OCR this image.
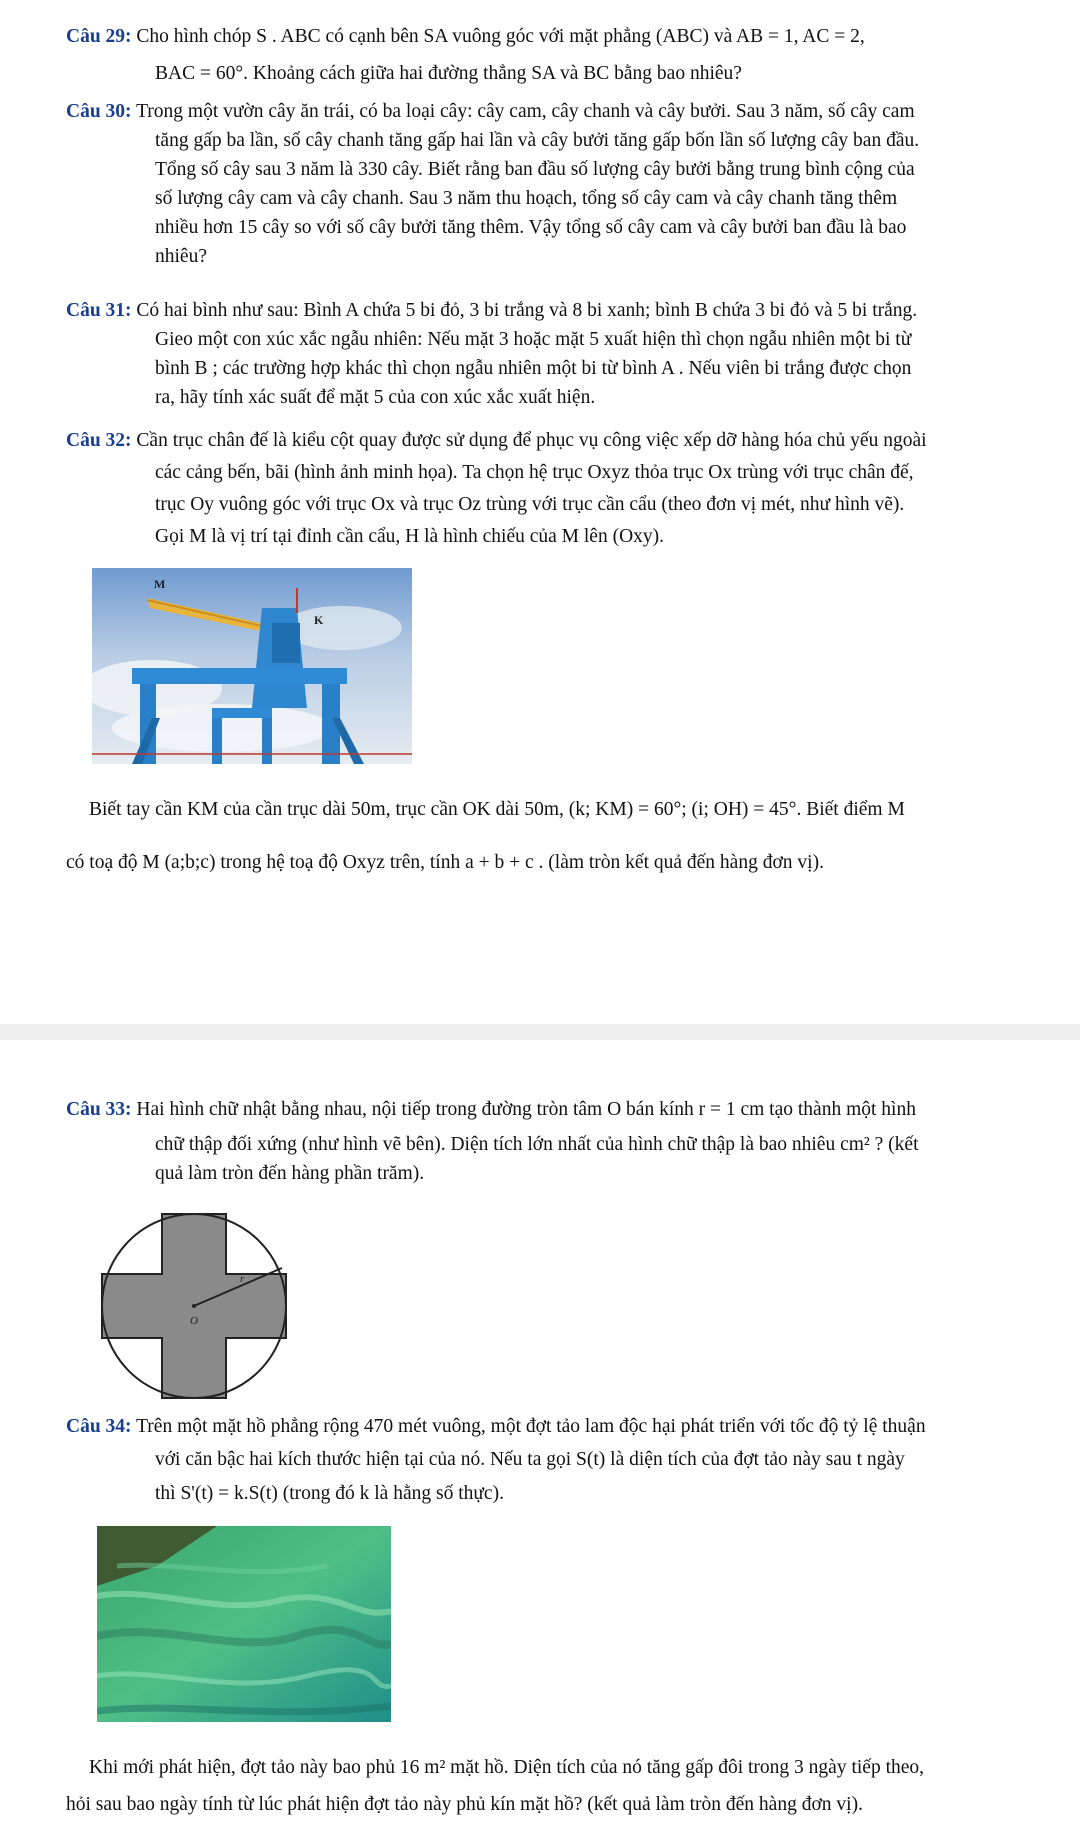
Câu 29: Cho hình chóp S . ABC có cạnh bên SA vuông góc với mặt phẳng (ABC) và AB = 1, AC = 2,

BAC = 60°. Khoảng cách giữa hai đường thẳng SA và BC bằng bao nhiêu?

Câu 30: Trong một vườn cây ăn trái, có ba loại cây: cây cam, cây chanh và cây bưởi. Sau 3 năm, số cây cam

tăng gấp ba lần, số cây chanh tăng gấp hai lần và cây bưởi tăng gấp bốn lần số lượng cây ban đầu.

Tổng số cây sau 3 năm là 330 cây. Biết rằng ban đầu số lượng cây bưởi bằng trung bình cộng của

số lượng cây cam và cây chanh. Sau 3 năm thu hoạch, tổng số cây cam và cây chanh tăng thêm

nhiều hơn 15 cây so với số cây bưởi tăng thêm. Vậy tổng số cây cam và cây bưởi ban đầu là bao

nhiêu?

Câu 31: Có hai bình như sau: Bình A chứa 5 bi đỏ, 3 bi trắng và 8 bi xanh; bình B chứa 3 bi đỏ và 5 bi trắng.

Gieo một con xúc xắc ngẫu nhiên: Nếu mặt 3 hoặc mặt 5 xuất hiện thì chọn ngẫu nhiên một bi từ

bình B ; các trường hợp khác thì chọn ngẫu nhiên một bi từ bình A . Nếu viên bi trắng được chọn

ra, hãy tính xác suất để mặt 5 của con xúc xắc xuất hiện.

Câu 32: Cần trục chân đế là kiểu cột quay được sử dụng để phục vụ công việc xếp dỡ hàng hóa chủ yếu ngoài

các cảng bến, bãi (hình ảnh minh họa). Ta chọn hệ trục Oxyz thỏa trục Ox trùng với trục chân đế,

trục Oy vuông góc với trục Ox và trục Oz trùng với trục cần cẩu (theo đơn vị mét, như hình vẽ).

Gọi M là vị trí tại đỉnh cần cẩu, H là hình chiếu của M lên (Oxy).

M
K
Biết tay cần KM của cần trục dài 50m, trục cần OK dài 50m, (k; KM) = 60°; (i; OH) = 45°. Biết điểm M
có toạ độ M (a;b;c) trong hệ toạ độ Oxyz trên, tính a + b + c . (làm tròn kết quả đến hàng đơn vị).

Câu 33: Hai hình chữ nhật bằng nhau, nội tiếp trong đường tròn tâm O bán kính r = 1 cm tạo thành một hình

chữ thập đối xứng (như hình vẽ bên). Diện tích lớn nhất của hình chữ thập là bao nhiêu cm² ? (kết

quả làm tròn đến hàng phần trăm).

O
r

Câu 34: Trên một mặt hồ phẳng rộng 470 mét vuông, một đợt tảo lam độc hại phát triển với tốc độ tỷ lệ thuận

với căn bậc hai kích thước hiện tại của nó. Nếu ta gọi S(t) là diện tích của đợt tảo này sau t ngày

thì S'(t) = k.S(t) (trong đó k là hằng số thực).

Khi mới phát hiện, đợt tảo này bao phủ 16 m² mặt hồ. Diện tích của nó tăng gấp đôi trong 3 ngày tiếp theo,
hỏi sau bao ngày tính từ lúc phát hiện đợt tảo này phủ kín mặt hồ? (kết quả làm tròn đến hàng đơn vị).
